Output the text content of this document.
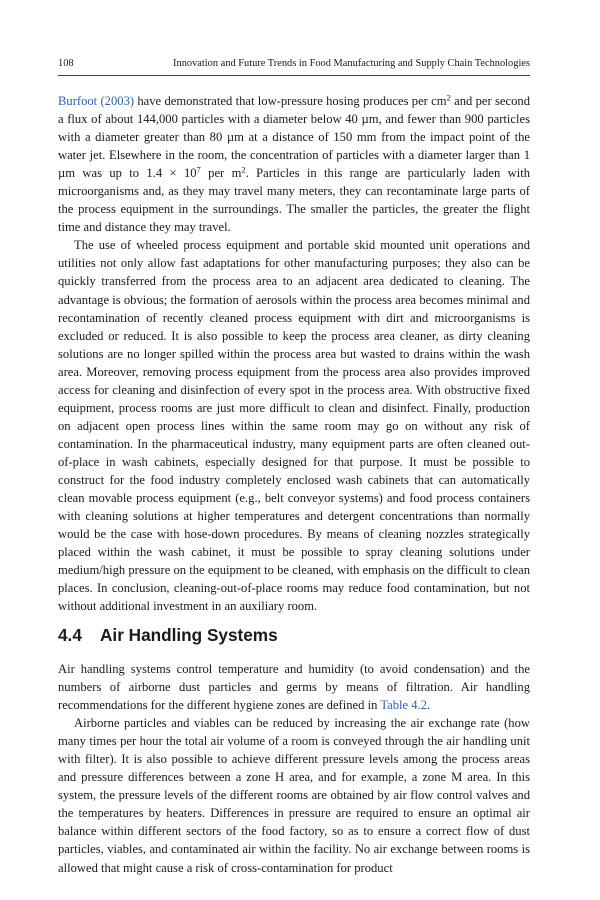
108	Innovation and Future Trends in Food Manufacturing and Supply Chain Technologies

Burfoot (2003) have demonstrated that low-pressure hosing produces per $cm^2$ and per second a flux of about 144,000 particles with a diameter below 40 µm, and fewer than 900 particles with a diameter greater than 80 µm at a distance of 150 mm from the impact point of the water jet. Elsewhere in the room, the concentration of particles with a diameter larger than 1 µm was up to $1.4 \times 10^7$ per $m^2$. Particles in this range are particularly laden with microorganisms and, as they may travel many meters, they can recontaminate large parts of the process equipment in the surroundings. The smaller the particles, the greater the flight time and distance they may travel.

The use of wheeled process equipment and portable skid mounted unit operations and utilities not only allow fast adaptations for other manufacturing purposes; they also can be quickly transferred from the process area to an adjacent area dedicated to cleaning. The advantage is obvious; the formation of aerosols within the process area becomes minimal and recontamination of recently cleaned process equipment with dirt and microorganisms is excluded or reduced. It is also possible to keep the process area cleaner, as dirty cleaning solutions are no longer spilled within the process area but wasted to drains within the wash area. Moreover, removing process equipment from the process area also provides improved access for cleaning and disinfection of every spot in the process area. With obstructive fixed equipment, process rooms are just more difficult to clean and disinfect. Finally, production on adjacent open process lines within the same room may go on without any risk of contamination. In the pharmaceutical industry, many equipment parts are often cleaned out-of-place in wash cabinets, especially designed for that purpose. It must be possible to construct for the food industry completely enclosed wash cabinets that can automatically clean movable process equipment (e.g., belt conveyor systems) and food process containers with cleaning solutions at higher temperatures and detergent concentrations than normally would be the case with hose-down procedures. By means of cleaning nozzles strategically placed within the wash cabinet, it must be possible to spray cleaning solutions under medium/high pressure on the equipment to be cleaned, with emphasis on the difficult to clean places. In conclusion, cleaning-out-of-place rooms may reduce food contamination, but not without additional investment in an auxiliary room.

4.4 Air Handling Systems

Air handling systems control temperature and humidity (to avoid condensation) and the numbers of airborne dust particles and germs by means of filtration. Air handling recommendations for the different hygiene zones are defined in Table 4.2.

Airborne particles and viables can be reduced by increasing the air exchange rate (how many times per hour the total air volume of a room is conveyed through the air handling unit with filter). It is also possible to achieve different pressure levels among the process areas and pressure differences between a zone H area, and for example, a zone M area. In this system, the pressure levels of the different rooms are obtained by air flow control valves and the temperatures by heaters. Differences in pressure are required to ensure an optimal air balance within different sectors of the food factory, so as to ensure a correct flow of dust particles, viables, and contaminated air within the facility. No air exchange between rooms is allowed that might cause a risk of cross-contamination for product
